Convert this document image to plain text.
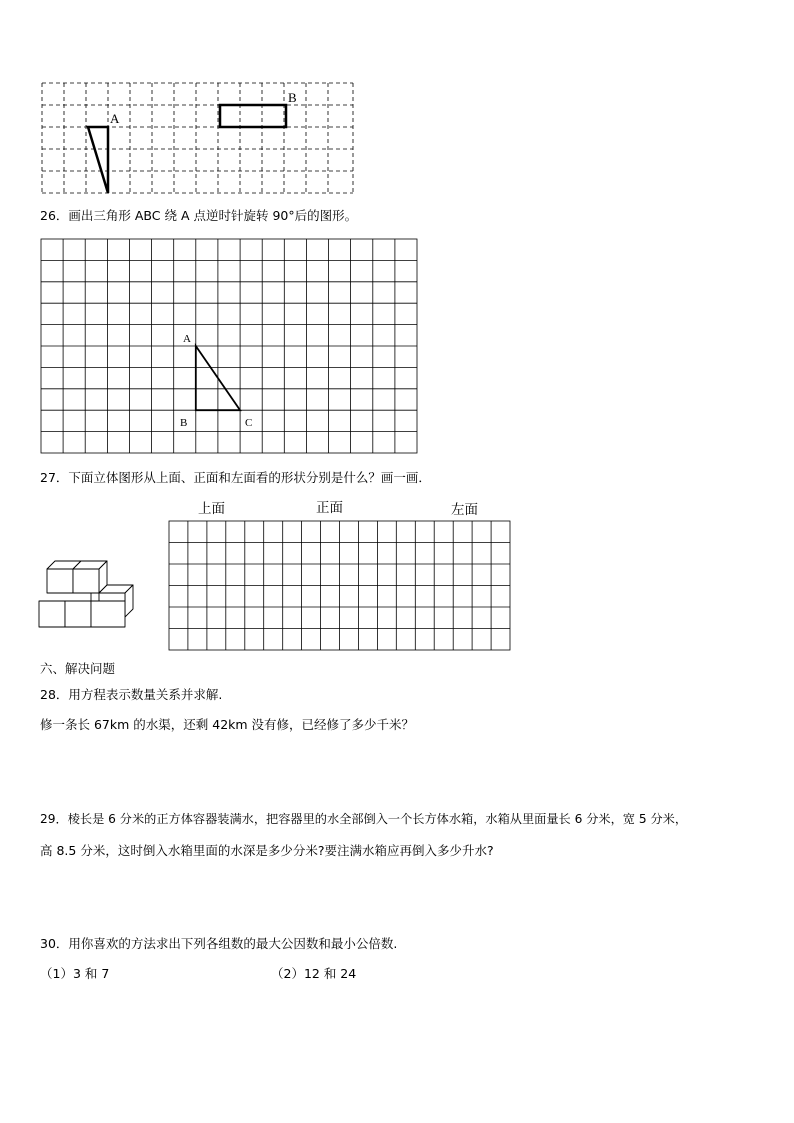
A
B
26．画出三角形 ABC 绕 A 点逆时针旋转 90°后的图形。
A
B	C
27．下面立体图形从上面、正面和左面看的形状分别是什么？画一画．
上面	正面	左面
六、解决问题
28．用方程表示数量关系并求解.
修一条长 67km 的水渠，还剩 42km 没有修，已经修了多少千米？
29．棱长是 6 分米的正方体容器装满水，把容器里的水全部倒入一个长方体水箱，水箱从里面量长 6 分米，宽 5 分米，
高 8.5 分米，这时倒入水箱里面的水深是多少分米?要注满水箱应再倒入多少升水?
30．用你喜欢的方法求出下列各组数的最大公因数和最小公倍数.
（1）3 和 7	（2）12 和 24
